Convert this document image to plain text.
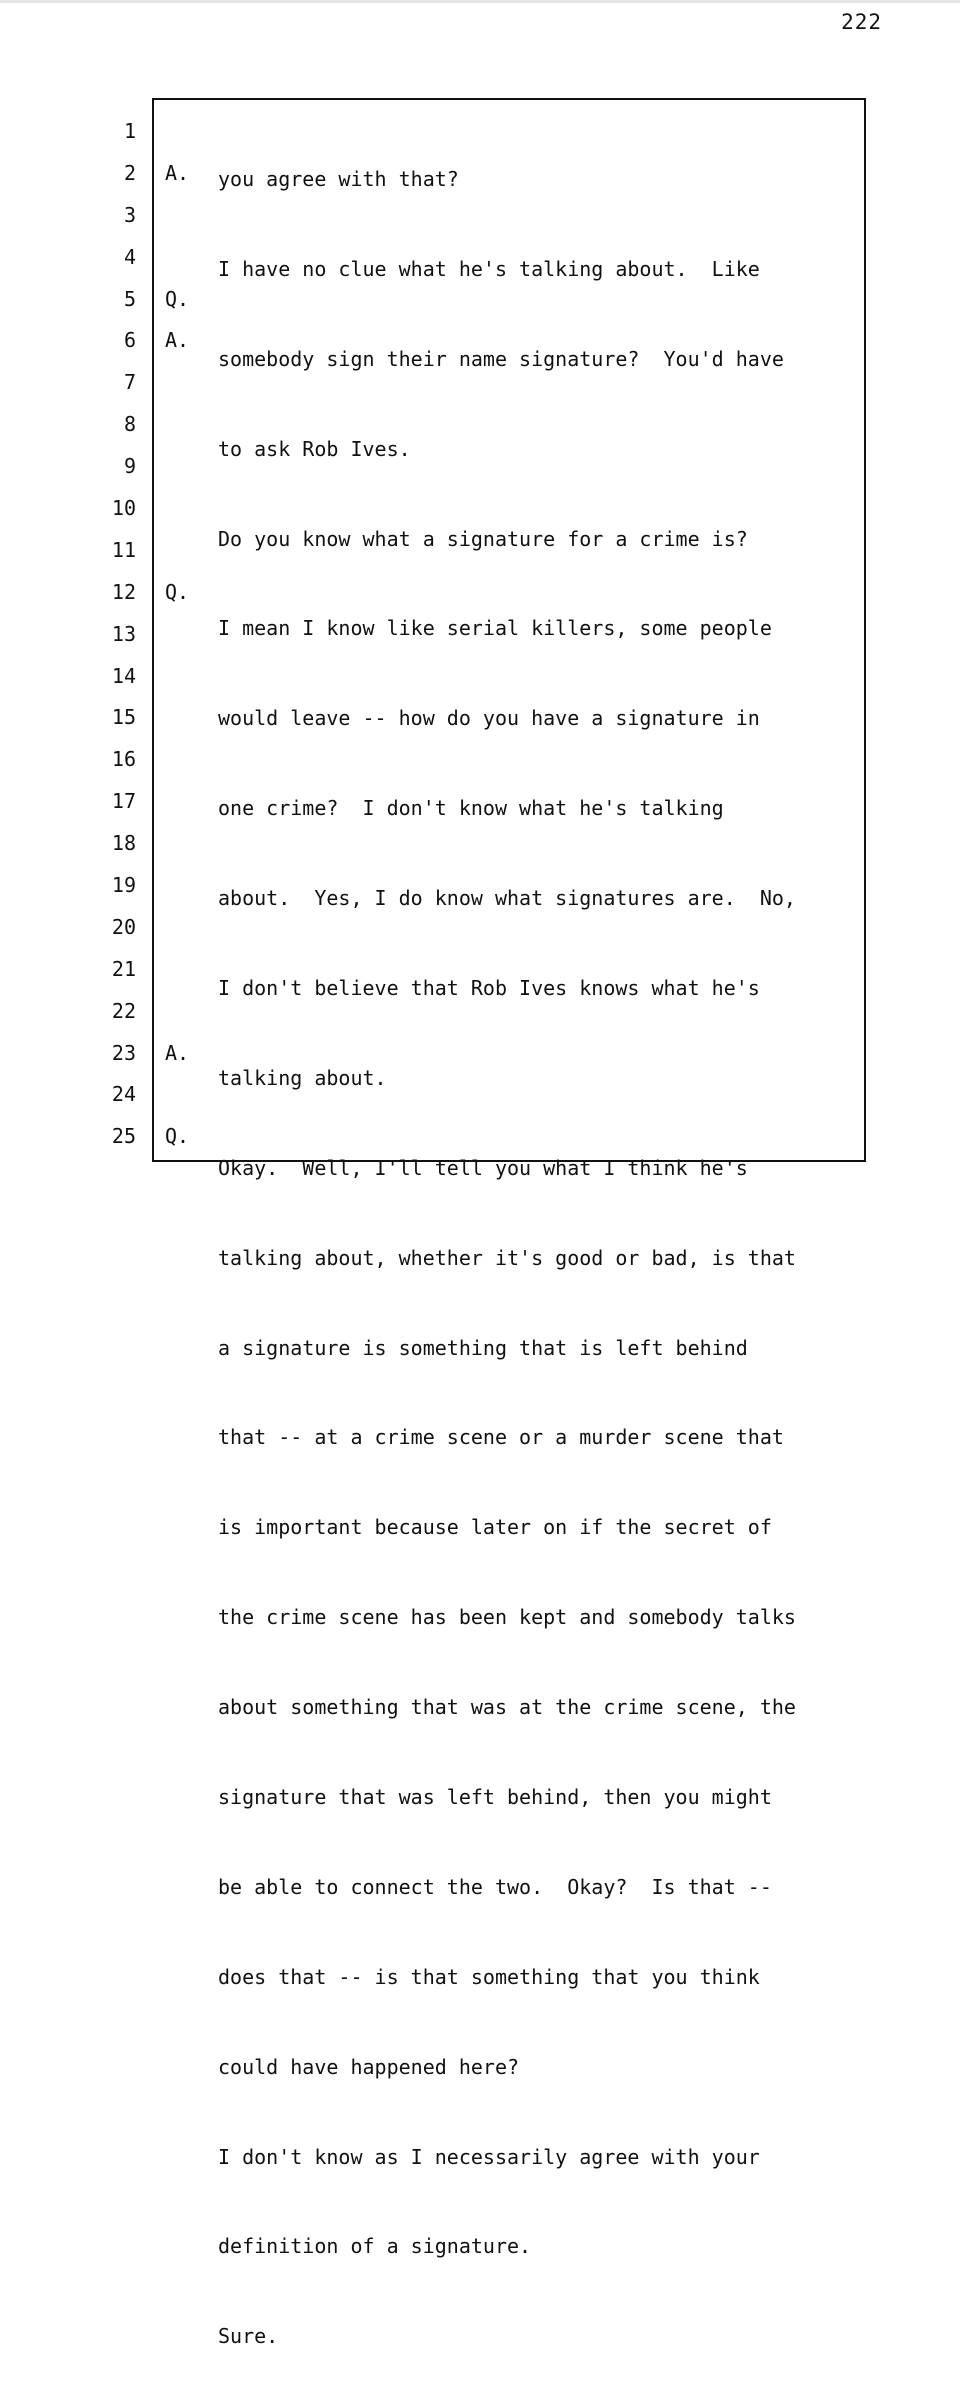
222
1
2
3
4
5
6
7
8
9
10
11
12
13
14
15
16
17
18
19
20
21
22
23
24
25
A.
Q.
A.
Q.
A.
Q.

you agree with that?

I have no clue what he's talking about.  Like

somebody sign their name signature?  You'd have

to ask Rob Ives.

Do you know what a signature for a crime is?

I mean I know like serial killers, some people

would leave -- how do you have a signature in

one crime?  I don't know what he's talking

about.  Yes, I do know what signatures are.  No,

I don't believe that Rob Ives knows what he's

talking about.

Okay.  Well, I'll tell you what I think he's

talking about, whether it's good or bad, is that

a signature is something that is left behind

that -- at a crime scene or a murder scene that

is important because later on if the secret of

the crime scene has been kept and somebody talks

about something that was at the crime scene, the

signature that was left behind, then you might

be able to connect the two.  Okay?  Is that --

does that -- is that something that you think

could have happened here?

I don't know as I necessarily agree with your

definition of a signature.

Sure.
